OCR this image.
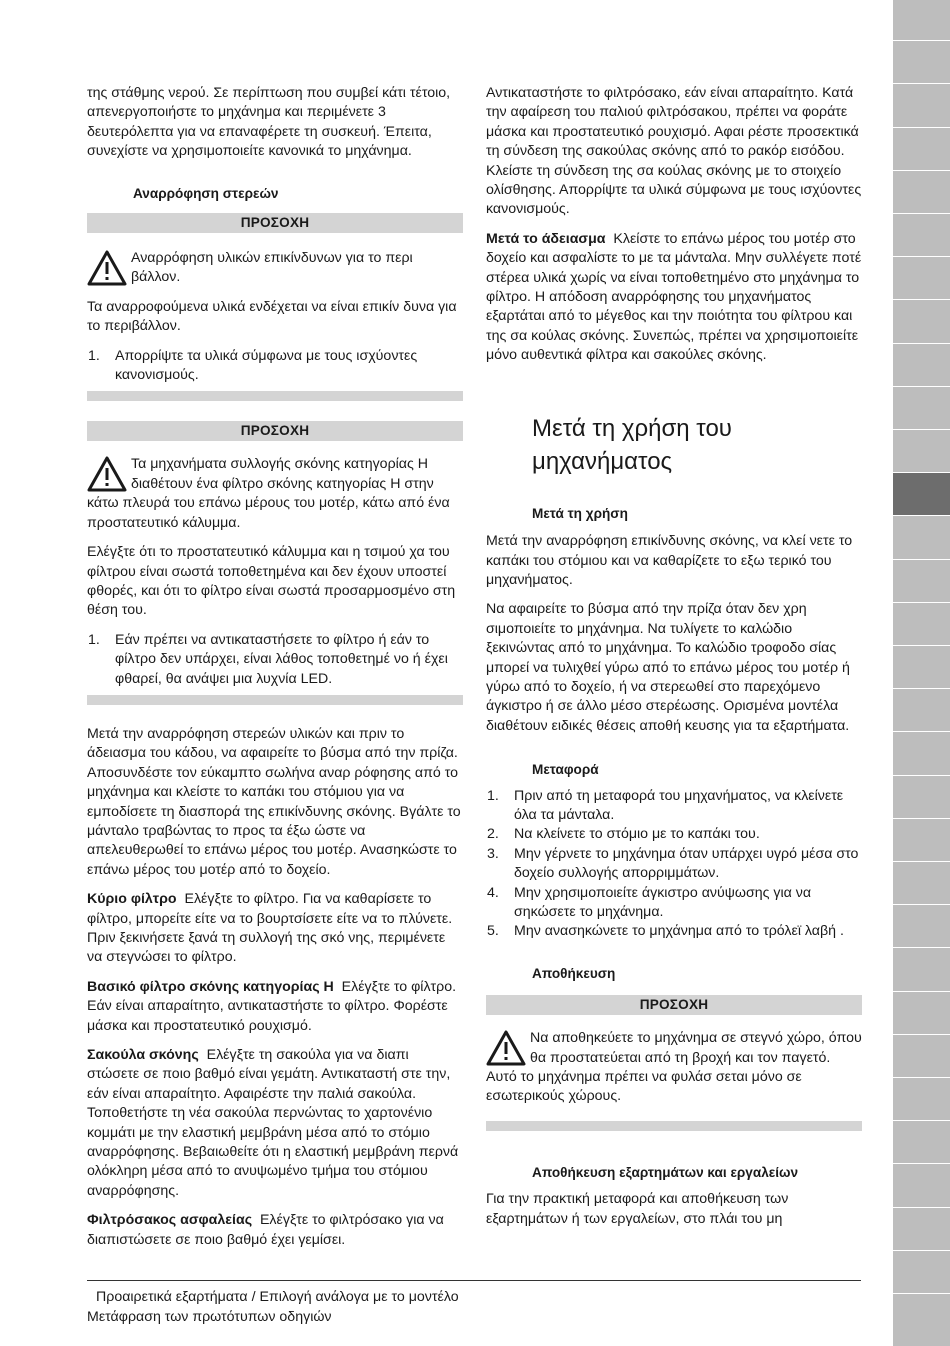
της στάθμης νερού. Σε περίπτωση που συμβεί κάτι τέτοιο, απενεργοποιήστε το μηχάνημα και περιμένετε 3 δευτερόλεπτα για να επαναφέρετε τη συσκευή. Έπειτα, συνεχίστε να χρησιμοποιείτε κανονικά το μηχάνημα.

Αναρρόφηση στερεών

ΠΡΟΣΟΧΗ

Αναρρόφηση υλικών επικίνδυνων για το περι βάλλον.

Τα αναρροφούμενα υλικά ενδέχεται να είναι επικίν δυνα για το περιβάλλον.

1. Απορρίψτε τα υλικά σύμφωνα με τους ισχύοντες κανονισμούς.
ΠΡΟΣΟΧΗ

Τα μηχανήματα συλλογής σκόνης κατηγορίας Η διαθέτουν ένα φίλτρο σκόνης κατηγορίας Η στην κάτω πλευρά του επάνω μέρους του μοτέρ, κάτω από ένα προστατευτικό κάλυμμα.

Ελέγξτε ότι το προστατευτικό κάλυμμα και η τσιμού χα του φίλτρου είναι σωστά τοποθετημένα και δεν έχουν υποστεί φθορές, και ότι το φίλτρο είναι σωστά προσαρμοσμένο στη θέση του.

1. Εάν πρέπει να αντικαταστήσετε το φίλτρο ή εάν το φίλτρο δεν υπάρχει, είναι λάθος τοποθετημέ νο ή έχει φθαρεί, θα ανάψει μια λυχνία LED.

Μετά την αναρρόφηση στερεών υλικών και πριν το άδειασμα του κάδου, να αφαιρείτε το βύσμα από την πρίζα. Αποσυνδέστε τον εύκαμπτο σωλήνα αναρ ρόφησης από το μηχάνημα και κλείστε το καπάκι του στόμιου για να εμποδίσετε τη διασπορά της επικίνδυνης σκόνης. Βγάλτε το μάνταλο τραβώντας το προς τα έξω ώστε να απελευθερωθεί το επάνω μέρος του μοτέρ. Ανασηκώστε το επάνω μέρος του μοτέρ από το δοχείο.

Κύριο φίλτρο Ελέγξτε το φίλτρο. Για να καθαρίσετε το φίλτρο, μπορείτε είτε να το βουρτσίσετε είτε να το πλύνετε. Πριν ξεκινήσετε ξανά τη συλλογή της σκό νης, περιμένετε να στεγνώσει το φίλτρο.

Βασικό φίλτρο σκόνης κατηγορίας Η Ελέγξτε το φίλτρο. Εάν είναι απαραίτητο, αντικαταστήστε το φίλτρο. Φορέστε μάσκα και προστατευτικό ρουχισμό.

Σακούλα σκόνης Ελέγξτε τη σακούλα για να διαπι στώσετε σε ποιο βαθμό είναι γεμάτη. Αντικαταστή στε την, εάν είναι απαραίτητο. Αφαιρέστε την παλιά σακούλα. Τοποθετήστε τη νέα σακούλα περνώντας το χαρτονένιο κομμάτι με την ελαστική μεμβράνη μέσα από το στόμιο αναρρόφησης. Βεβαιωθείτε ότι η ελαστική μεμβράνη περνά ολόκληρη μέσα από το ανυψωμένο τμήμα του στόμιου αναρρόφησης.

Φιλτρόσακος ασφαλείας Ελέγξτε το φιλτρόσακο για να διαπιστώσετε σε ποιο βαθμό έχει γεμίσει.

Αντικαταστήστε το φιλτρόσακο, εάν είναι απαραίτητο. Κατά την αφαίρεση του παλιού φιλτρόσακου, πρέπει να φοράτε μάσκα και προστατευτικό ρουχισμό. Αφαι ρέστε προσεκτικά τη σύνδεση της σακούλας σκόνης από το ρακόρ εισόδου. Κλείστε τη σύνδεση της σα κούλας σκόνης με το στοιχείο ολίσθησης. Απορρίψτε τα υλικά σύμφωνα με τους ισχύοντες κανονισμούς.

Μετά το άδειασμα Κλείστε το επάνω μέρος του μοτέρ στο δοχείο και ασφαλίστε το με τα μάνταλα. Μην συλλέγετε ποτέ στέρεα υλικά χωρίς να είναι τοποθετημένο στο μηχάνημα το φίλτρο. Η απόδοση αναρρόφησης του μηχανήματος εξαρτάται από το μέγεθος και την ποιότητα του φίλτρου και της σα κούλας σκόνης. Συνεπώς, πρέπει να χρησιμοποιείτε μόνο αυθεντικά φίλτρα και σακούλες σκόνης.

Μετά τη χρήση του
μηχανήματος

Μετά τη χρήση

Μετά την αναρρόφηση επικίνδυνης σκόνης, να κλεί νετε το καπάκι του στόμιου και να καθαρίζετε το εξω τερικό του μηχανήματος.

Να αφαιρείτε το βύσμα από την πρίζα όταν δεν χρη σιμοποιείτε το μηχάνημα. Να τυλίγετε το καλώδιο ξεκινώντας από το μηχάνημα. Το καλώδιο τροφοδο σίας μπορεί να τυλιχθεί γύρω από το επάνω μέρος του μοτέρ ή γύρω από το δοχείο, ή να στερεωθεί στο παρεχόμενο άγκιστρο ή σε άλλο μέσο στερέωσης. Ορισμένα μοντέλα διαθέτουν ειδικές θέσεις αποθή κευσης για τα εξαρτήματα.

Μεταφορά

1. Πριν από τη μεταφορά του μηχανήματος, να κλείνετε όλα τα μάνταλα.
2. Να κλείνετε το στόμιο με το καπάκι του.
3. Μην γέρνετε το μηχάνημα όταν υπάρχει υγρό μέσα στο δοχείο συλλογής απορριμμάτων.
4. Μην χρησιμοποιείτε άγκιστρο ανύψωσης για να σηκώσετε το μηχάνημα.
5. Μην ανασηκώνετε το μηχάνημα από το τρόλεϊ λαβή .

Αποθήκευση

ΠΡΟΣΟΧΗ

Να αποθηκεύετε το μηχάνημα σε στεγνό χώρο, όπου θα προστατεύεται από τη βροχή και τον παγετό. Αυτό το μηχάνημα πρέπει να φυλάσ σεται μόνο σε εσωτερικούς χώρους.

Αποθήκευση εξαρτημάτων και εργαλείων

Για την πρακτική μεταφορά και αποθήκευση των εξαρτημάτων ή των εργαλείων, στο πλάι του μη

Προαιρετικά εξαρτήματα / Επιλογή ανάλογα με το μοντέλο
Μετάφραση των πρωτότυπων οδηγιών
